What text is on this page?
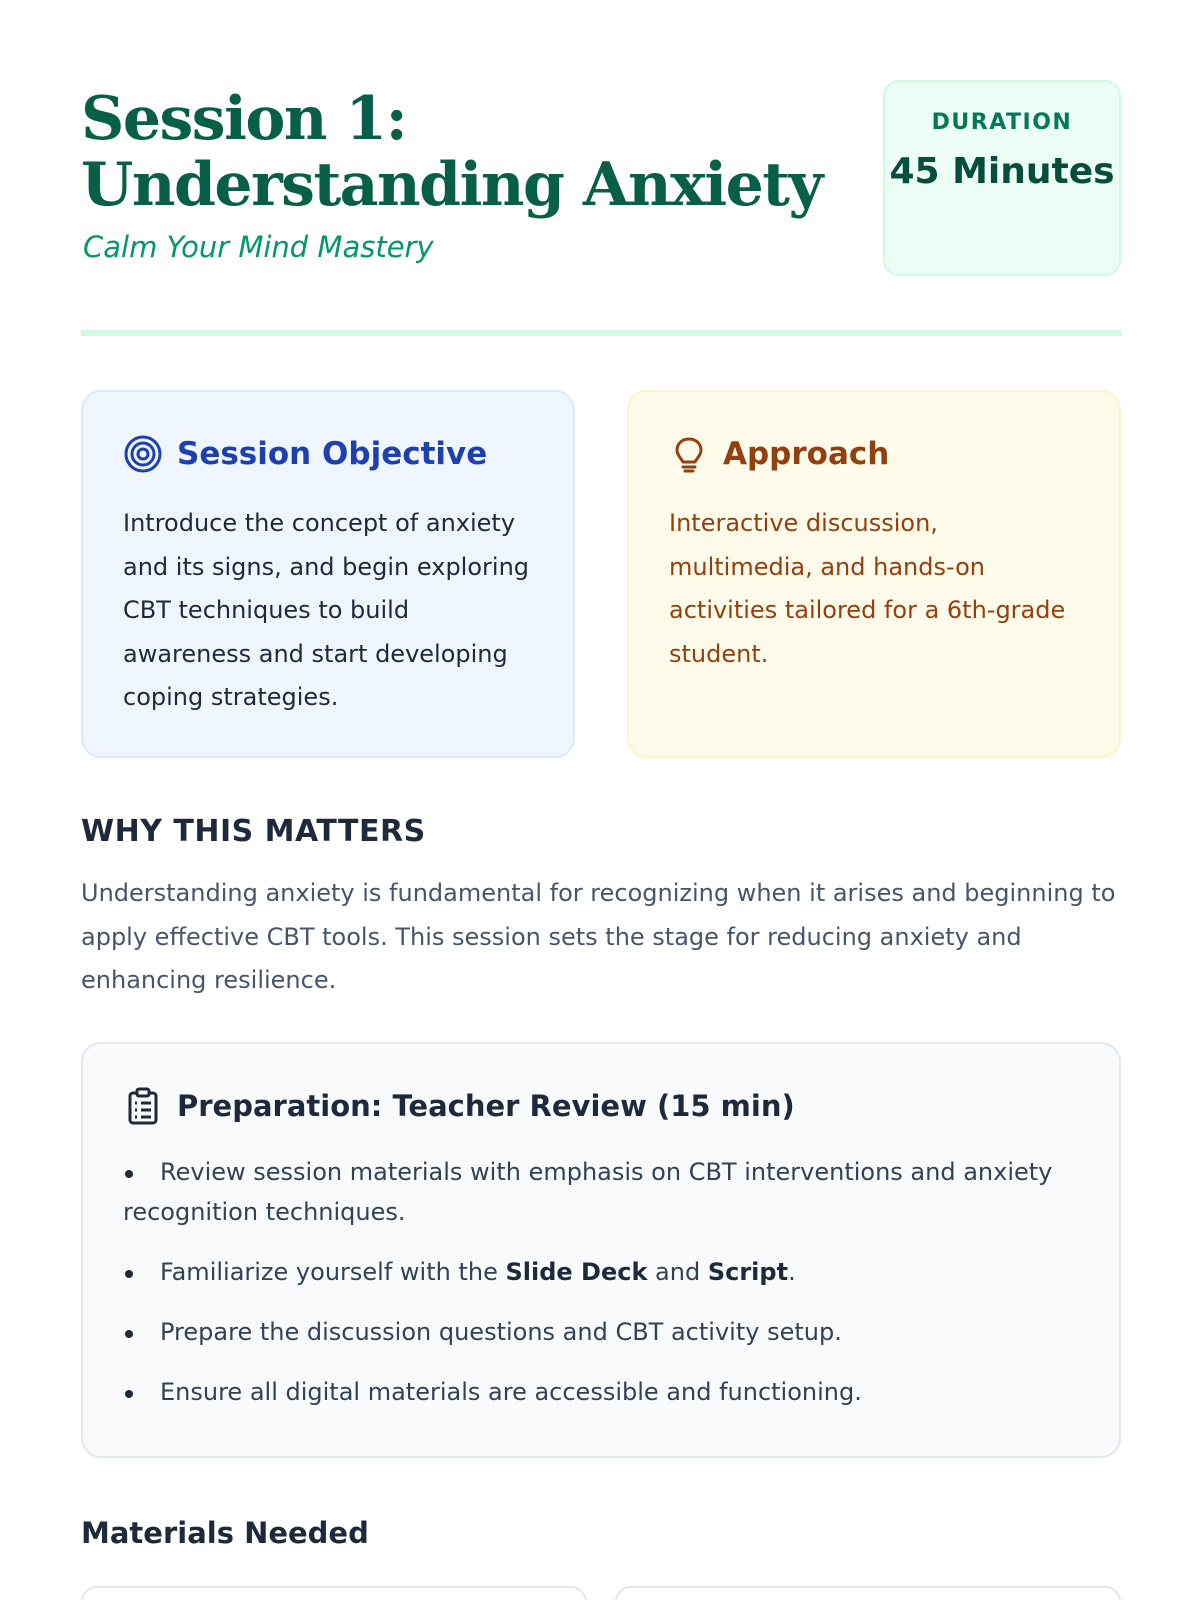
Session 1: Understanding Anxiety
Calm Your Mind Mastery
DURATION
45 Minutes
Session Objective

Introduce the concept of anxiety and its signs, and begin exploring CBT techniques to build awareness and start developing coping strategies.

Approach

Interactive discussion, multimedia, and hands-on activities tailored for a 6th-grade student.

WHY THIS MATTERS

Understanding anxiety is fundamental for recognizing when it arises and beginning to apply effective CBT tools. This session sets the stage for reducing anxiety and enhancing resilience.

Preparation: Teacher Review (15 min)
Review session materials with emphasis on CBT interventions and anxiety recognition techniques.
Familiarize yourself with the Slide Deck and Script.
Prepare the discussion questions and CBT activity setup.
Ensure all digital materials are accessible and functioning.
Materials Needed
